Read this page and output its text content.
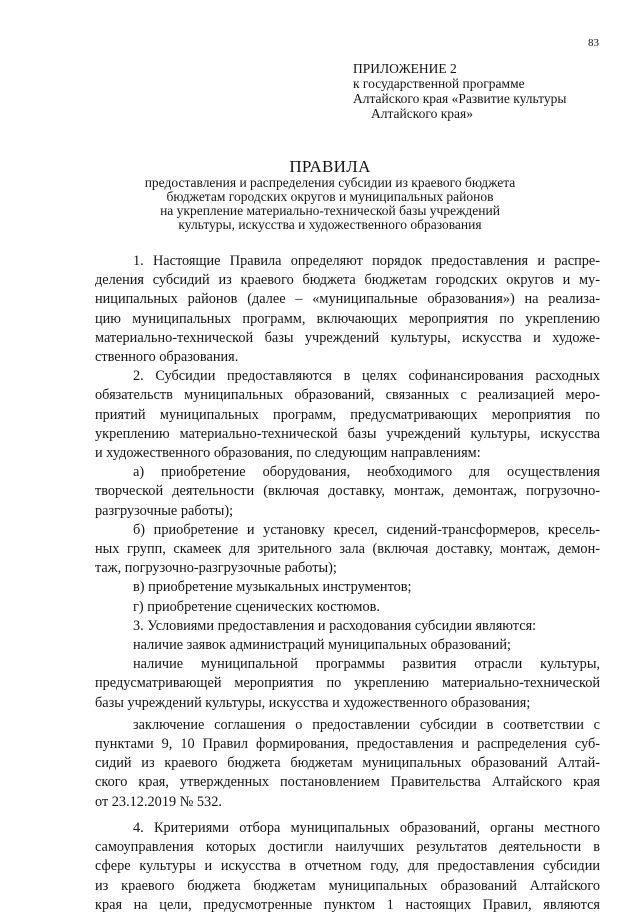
83
ПРИЛОЖЕНИЕ 2
к государственной программе
Алтайского края «Развитие культуры
Алтайского края»
ПРАВИЛА
предоставления и распределения субсидии из краевого бюджета
бюджетам городских округов и муниципальных районов
на укрепление материально-технической базы учреждений
культуры, искусства и художественного образования
1. Настоящие Правила определяют порядок предоставления и распре-
деления субсидий из краевого бюджета бюджетам городских округов и му-
ниципальных районов (далее – «муниципальные образования») на реализа-
цию муниципальных программ, включающих мероприятия по укреплению
материально-технической базы учреждений культуры, искусства и художе-
ственного образования.
2. Субсидии предоставляются в целях софинансирования расходных
обязательств муниципальных образований, связанных с реализацией меро-
приятий муниципальных программ, предусматривающих мероприятия по
укреплению материально-технической базы учреждений культуры, искусства
и художественного образования, по следующим направлениям:
а) приобретение оборудования, необходимого для осуществления
творческой деятельности (включая доставку, монтаж, демонтаж, погрузочно-
разгрузочные работы);
б) приобретение и установку кресел, сидений-трансформеров, кресель-
ных групп, скамеек для зрительного зала (включая доставку, монтаж, демон-
таж, погрузочно-разгрузочные работы);
в) приобретение музыкальных инструментов;
г) приобретение сценических костюмов.
3. Условиями предоставления и расходования субсидии являются:
наличие заявок администраций муниципальных образований;
наличие муниципальной программы развития отрасли культуры,
предусматривающей мероприятия по укреплению материально-технической
базы учреждений культуры, искусства и художественного образования;
заключение соглашения о предоставлении субсидии в соответствии с
пунктами 9, 10 Правил формирования, предоставления и распределения суб-
сидий из краевого бюджета бюджетам муниципальных образований Алтай-
ского края, утвержденных постановлением Правительства Алтайского края
от 23.12.2019 № 532.
4. Критериями отбора муниципальных образований, органы местного
самоуправления которых достигли наилучших результатов деятельности в
сфере культуры и искусства в отчетном году, для предоставления субсидии
из краевого бюджета бюджетам муниципальных образований Алтайского
края на цели, предусмотренные пунктом 1 настоящих Правил, являются
